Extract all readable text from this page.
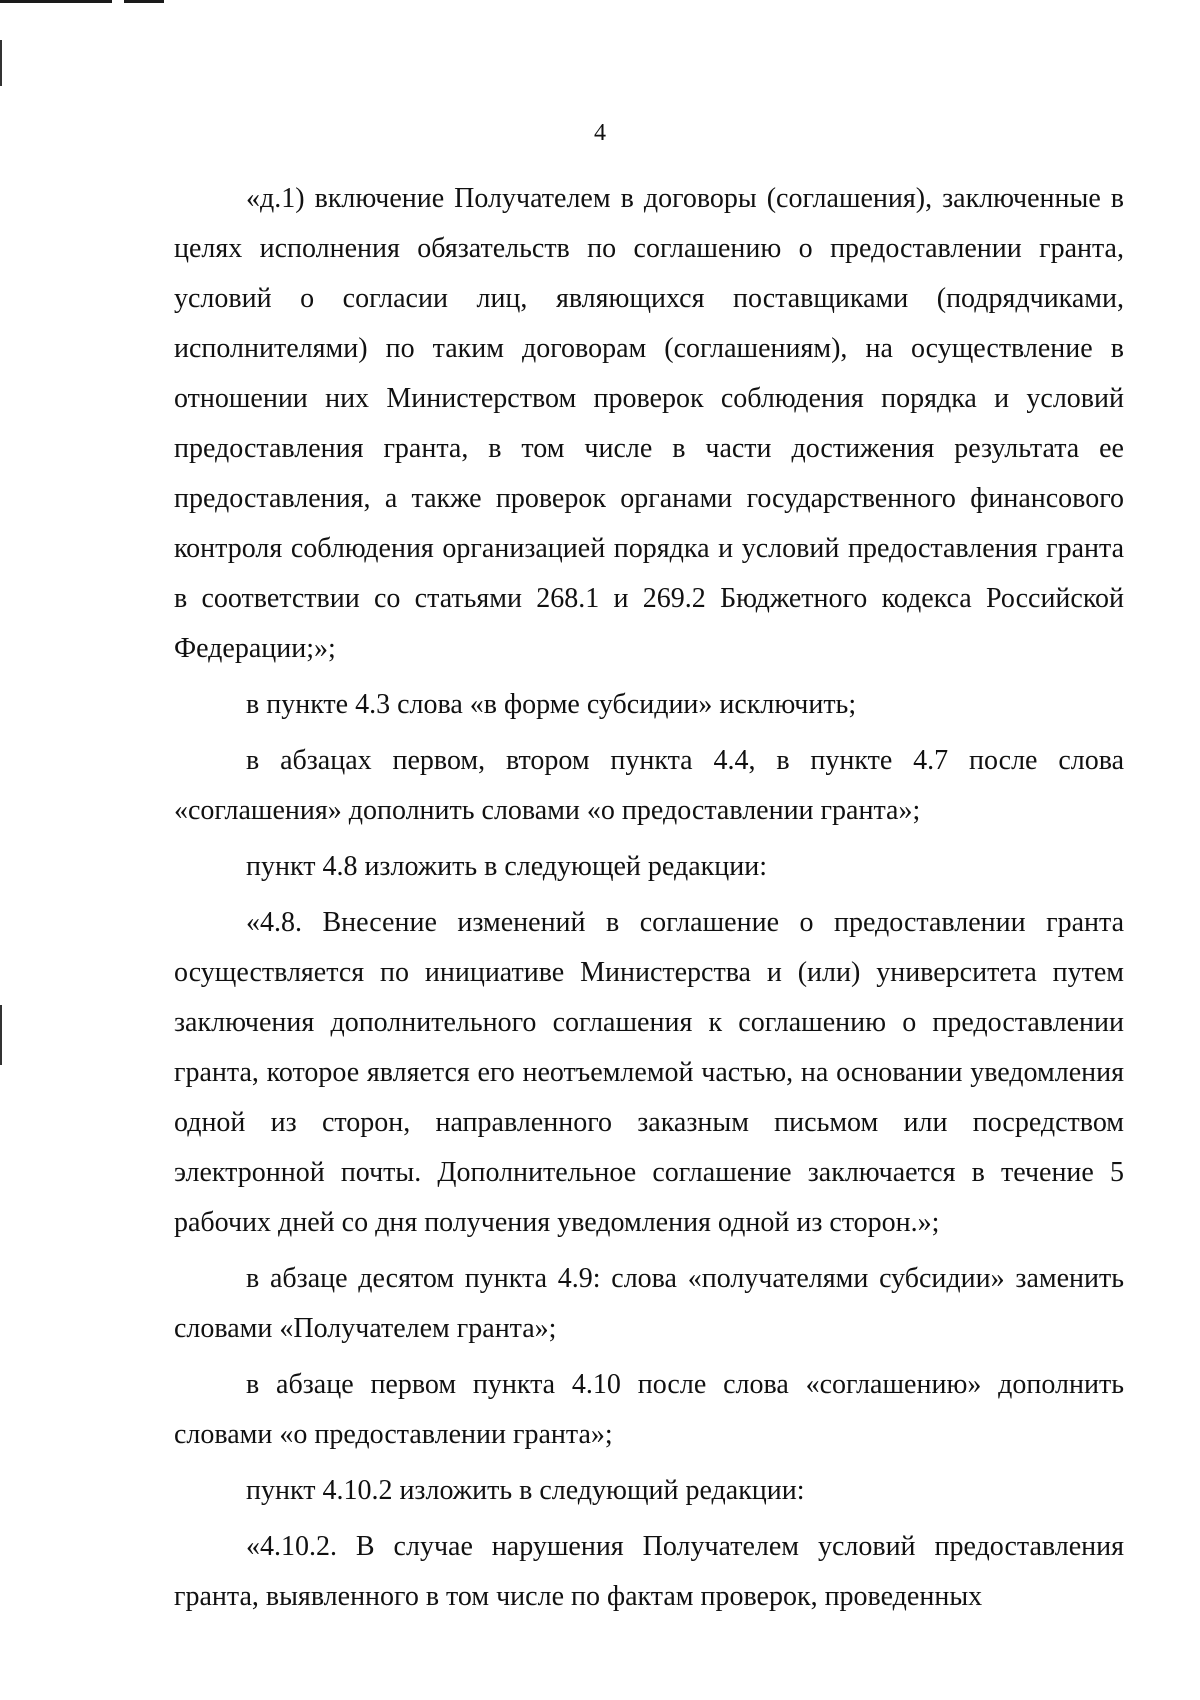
4

«д.1) включение Получателем в договоры (соглашения), заключенные в целях исполнения обязательств по соглашению о предоставлении гранта, условий о согласии лиц, являющихся поставщиками (подрядчиками, исполнителями) по таким договорам (соглашениям), на осуществление в отношении них Министерством проверок соблюдения порядка и условий предоставления гранта, в том числе в части достижения результата ее предоставления, а также проверок органами государственного финансового контроля соблюдения организацией порядка и условий предоставления гранта в соответствии со статьями 268.1 и 269.2 Бюджетного кодекса Российской Федерации;»;

в пункте 4.3 слова «в форме субсидии» исключить;

в абзацах первом, втором пункта 4.4, в пункте 4.7 после слова «соглашения» дополнить словами «о предоставлении гранта»;

пункт 4.8 изложить в следующей редакции:

«4.8. Внесение изменений в соглашение о предоставлении гранта осуществляется по инициативе Министерства и (или) университета путем заключения дополнительного соглашения к соглашению о предоставлении гранта, которое является его неотъемлемой частью, на основании уведомления одной из сторон, направленного заказным письмом или посредством электронной почты. Дополнительное соглашение заключается в течение 5 рабочих дней со дня получения уведомления одной из сторон.»;

в абзаце десятом пункта 4.9: слова «получателями субсидии» заменить словами «Получателем гранта»;

в абзаце первом пункта 4.10 после слова «соглашению» дополнить словами «о предоставлении гранта»;

пункт 4.10.2 изложить в следующий редакции:

«4.10.2. В случае нарушения Получателем условий предоставления гранта, выявленного в том числе по фактам проверок, проведенных
